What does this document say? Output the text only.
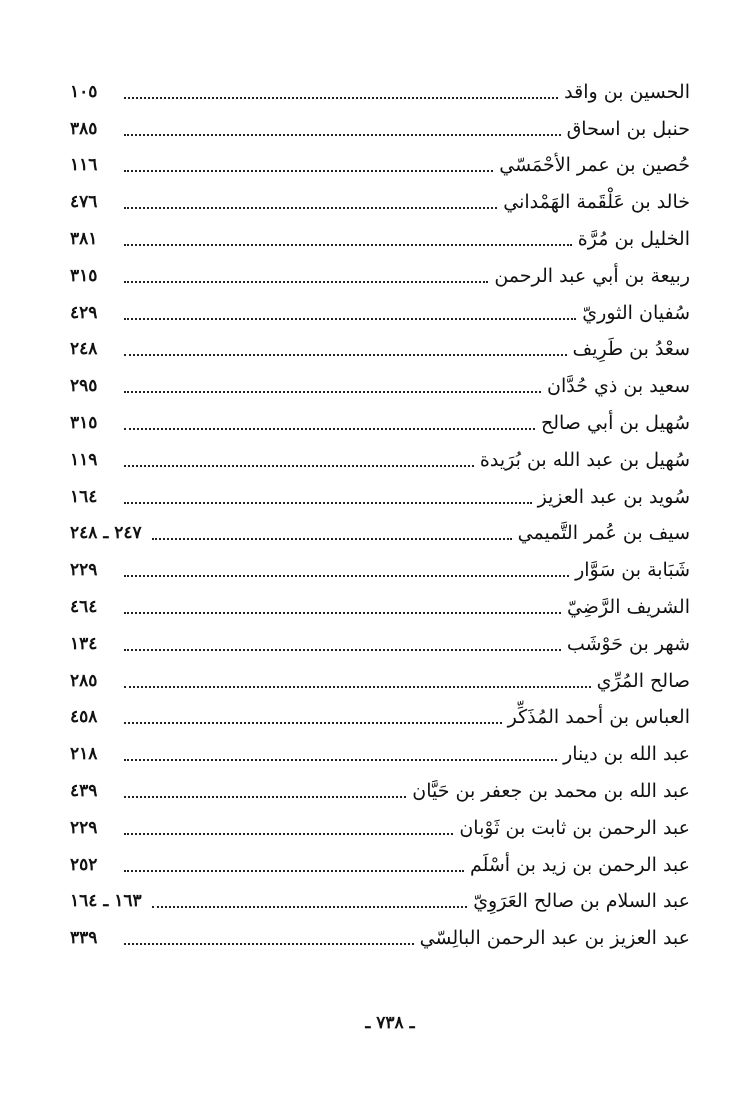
الحسين بن واقد
١٠٥
حنبل بن اسحاق
٣٨٥
حُصين بن عمر الأحْمَسّي
١١٦
خالد بن عَلْقَمة الهَمْداني
٤٧٦
الخليل بن مُرَّة
٣٨١
ربيعة بن أبي عبد الرحمن
٣١٥
سُفيان الثوريّ
٤٢٩
سعْدُ بن طَرِيف
٢٤٨
سعيد بن ذي حُدَّان
٢٩٥
سُهيل بن أبي صالح
٣١٥
سُهيل بن عبد الله بن بُرَيدة
١١٩
سُويد بن عبد العزيز
١٦٤
سيف بن عُمر التَّميمي
٢٤٧ ـ ٢٤٨
شَبَابة بن سَوَّار
٢٢٩
الشريف الرَّضِيّ
٤٦٤
شهر بن حَوْشَب
١٣٤
صالح المُرِّي
٢٨٥
العباس بن أحمد المُذَكِّر
٤٥٨
عبد الله بن دينار
٢١٨
عبد الله بن محمد بن جعفر بن حَيَّان
٤٣٩
عبد الرحمن بن ثابت بن ثَوْبان
٢٢٩
عبد الرحمن بن زيد بن أسْلَم
٢٥٢
عبد السلام بن صالح العَرَوِيّ
١٦٣ ـ ١٦٤
عبد العزيز بن عبد الرحمن البالِسّي
٣٣٩
ـ ٧٣٨ ـ
